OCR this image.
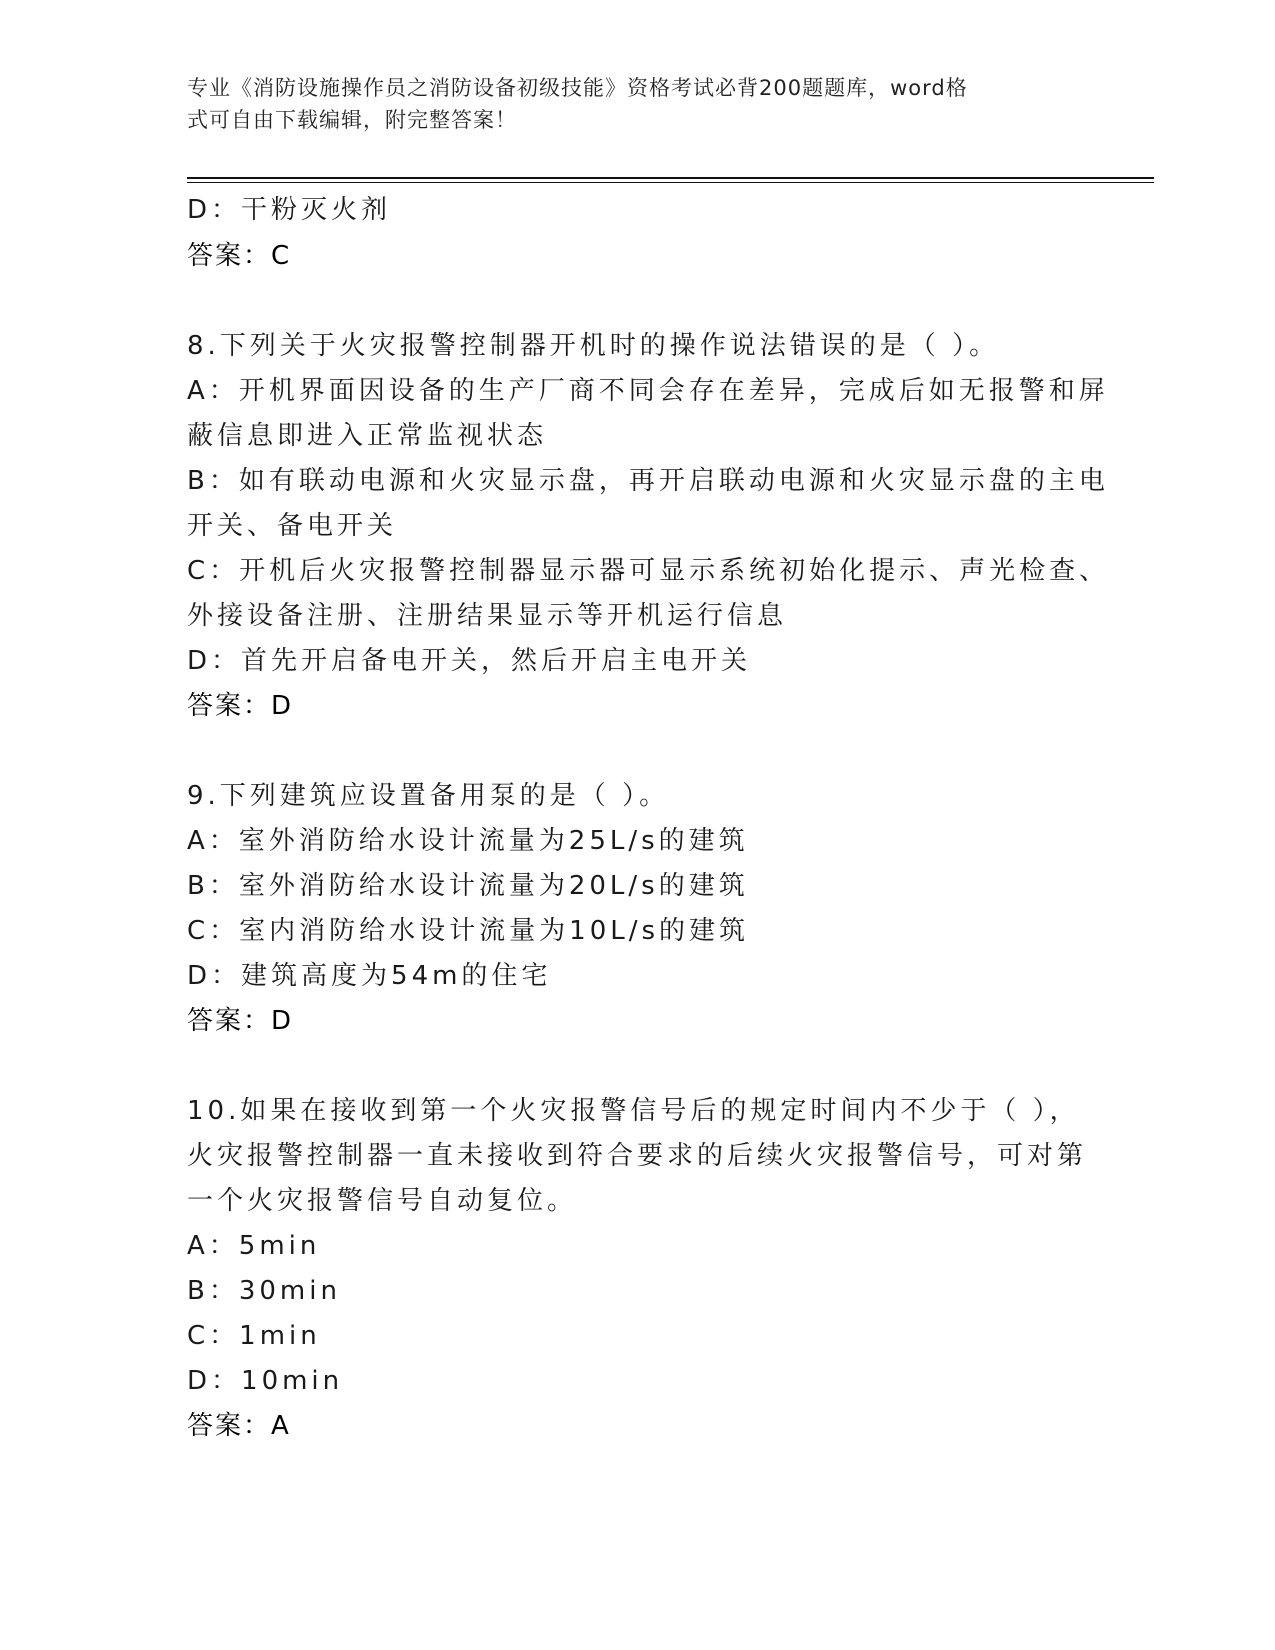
专业《消防设施操作员之消防设备初级技能》资格考试必背200题题库，word格
式可自由下载编辑，附完整答案！
D：干粉灭火剂
答案：C
8.下列关于火灾报警控制器开机时的操作说法错误的是（ ）。
A：开机界面因设备的生产厂商不同会存在差异，完成后如无报警和屏
蔽信息即进入正常监视状态
B：如有联动电源和火灾显示盘，再开启联动电源和火灾显示盘的主电
开关、备电开关
C：开机后火灾报警控制器显示器可显示系统初始化提示、声光检查、
外接设备注册、注册结果显示等开机运行信息
D：首先开启备电开关，然后开启主电开关
答案：D
9.下列建筑应设置备用泵的是（ ）。
A：室外消防给水设计流量为25L/s的建筑
B：室外消防给水设计流量为20L/s的建筑
C：室内消防给水设计流量为10L/s的建筑
D：建筑高度为54m的住宅
答案：D
10.如果在接收到第一个火灾报警信号后的规定时间内不少于（ ），
火灾报警控制器一直未接收到符合要求的后续火灾报警信号，可对第
一个火灾报警信号自动复位。
A：5min
B：30min
C：1min
D：10min
答案：A
